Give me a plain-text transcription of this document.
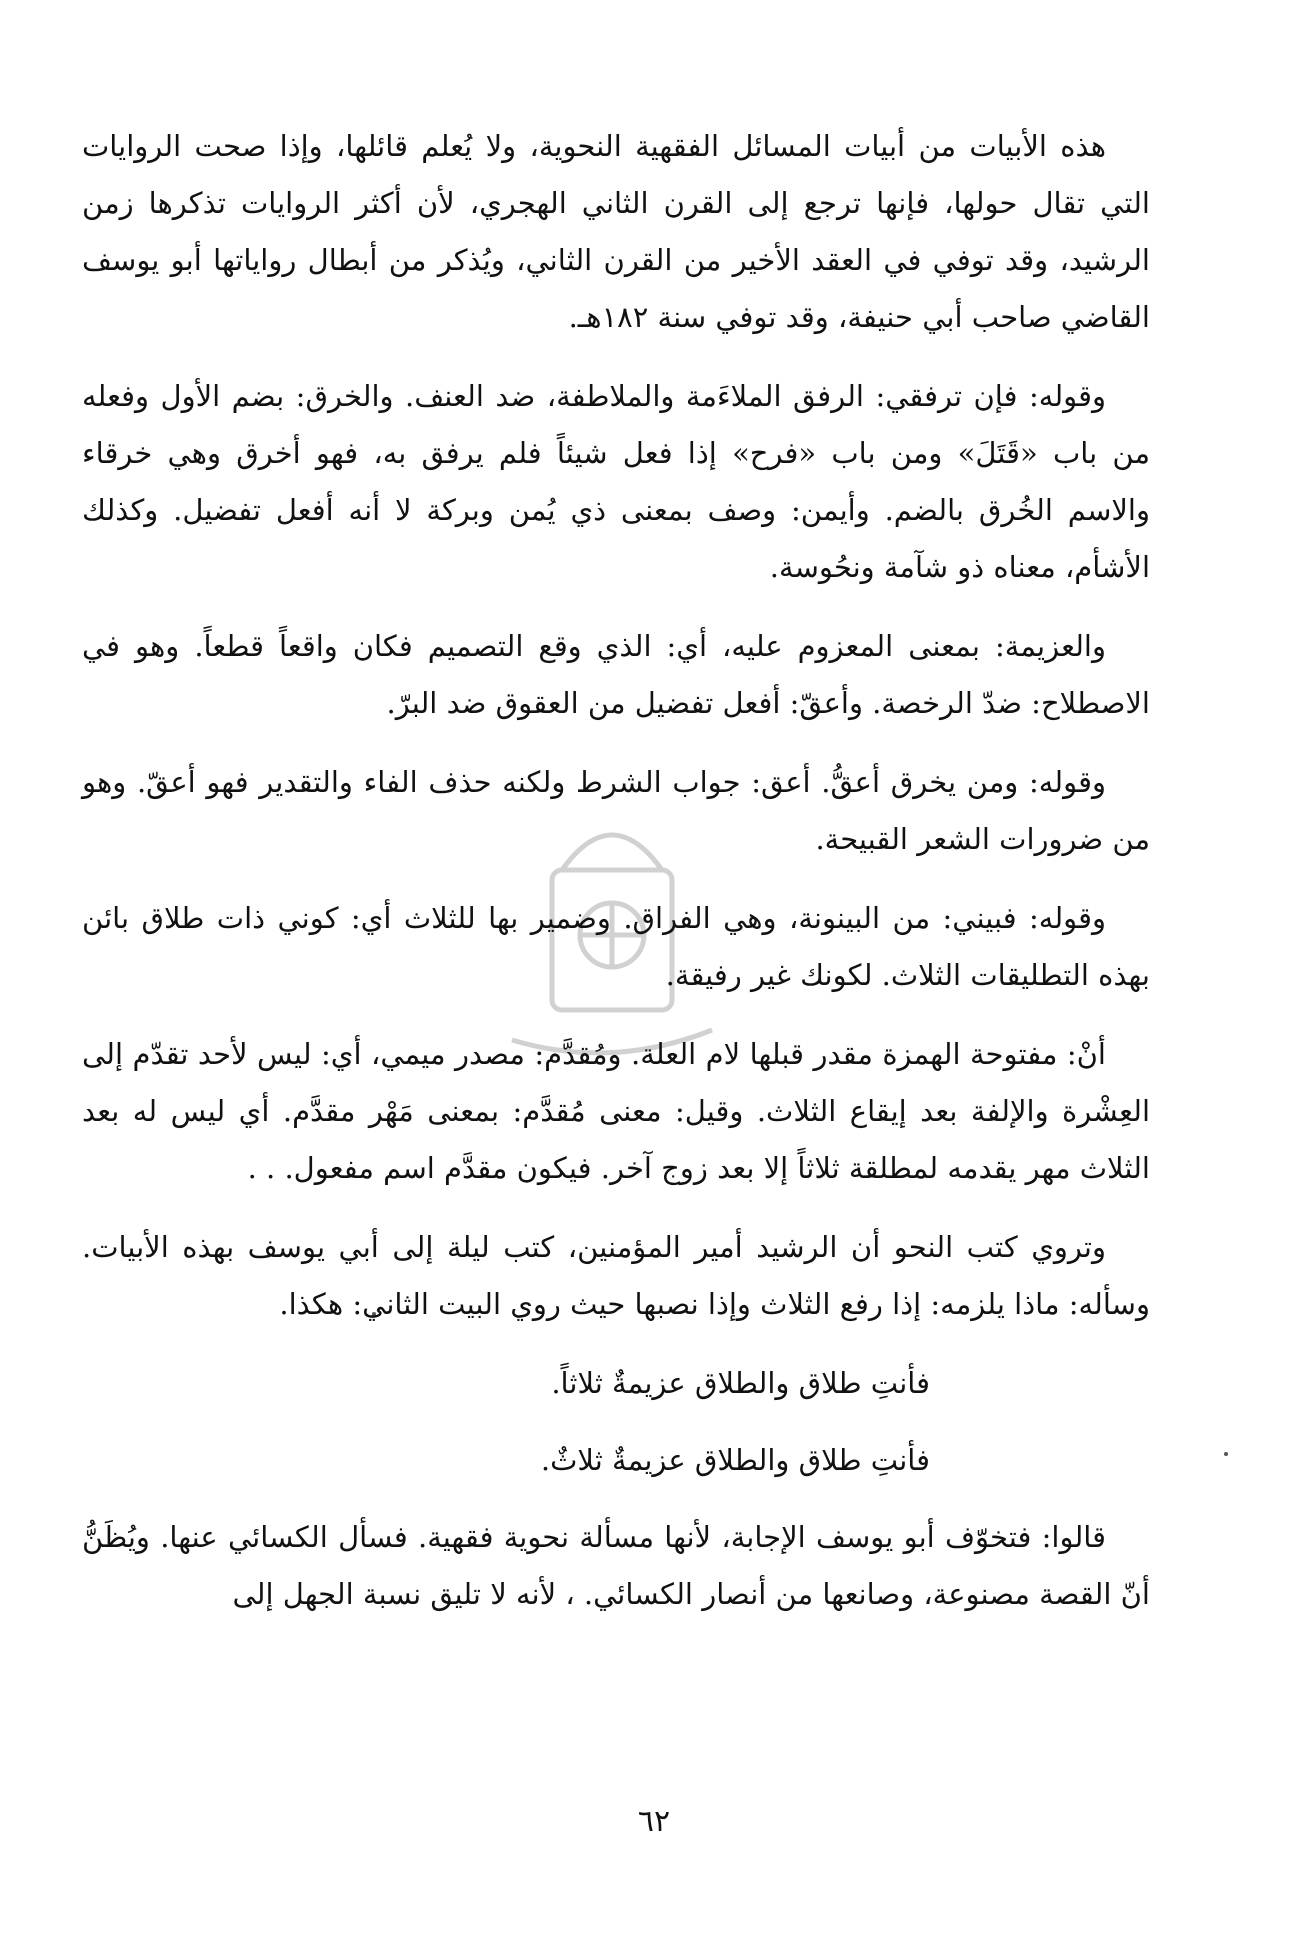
هذه الأبيات من أبيات المسائل الفقهية النحوية، ولا يُعلم قائلها، وإذا صحت الروايات التي تقال حولها، فإنها ترجع إلى القرن الثاني الهجري، لأن أكثر الروايات تذكرها زمن الرشيد، وقد توفي في العقد الأخير من القرن الثاني، ويُذكر من أبطال رواياتها أبو يوسف القاضي صاحب أبي حنيفة، وقد توفي سنة ١٨٢هـ.

وقوله: فإن ترفقي: الرفق الملاءَمة والملاطفة، ضد العنف. والخرق: بضم الأول وفعله من باب «قَتَلَ» ومن باب «فرح» إذا فعل شيئاً فلم يرفق به، فهو أخرق وهي خرقاء والاسم الخُرق بالضم. وأيمن: وصف بمعنى ذي يُمن وبركة لا أنه أفعل تفضيل. وكذلك الأشأم، معناه ذو شآمة ونحُوسة.

والعزيمة: بمعنى المعزوم عليه، أي: الذي وقع التصميم فكان واقعاً قطعاً. وهو في الاصطلاح: ضدّ الرخصة. وأعقّ: أفعل تفضيل من العقوق ضد البرّ.

وقوله: ومن يخرق أعقُّ. أعق: جواب الشرط ولكنه حذف الفاء والتقدير فهو أعقّ. وهو من ضرورات الشعر القبيحة.

وقوله: فبيني: من البينونة، وهي الفراق. وضمير بها للثلاث أي: كوني ذات طلاق بائن بهذه التطليقات الثلاث. لكونك غير رفيقة.

أنْ: مفتوحة الهمزة مقدر قبلها لام العلة. ومُقدَّم: مصدر ميمي، أي: ليس لأحد تقدّم إلى العِشْرة والإلفة بعد إيقاع الثلاث. وقيل: معنى مُقدَّم: بمعنى مَهْر مقدَّم. أي ليس له بعد الثلاث مهر يقدمه لمطلقة ثلاثاً إلا بعد زوج آخر. فيكون مقدَّم اسم مفعول. . .

وتروي كتب النحو أن الرشيد أمير المؤمنين، كتب ليلة إلى أبي يوسف بهذه الأبيات. وسأله: ماذا يلزمه: إذا رفع الثلاث وإذا نصبها حيث روي البيت الثاني: هكذا.

فأنتِ طلاق والطلاق عزيمةٌ ثلاثاً.

فأنتِ طلاق والطلاق عزيمةٌ ثلاثٌ.

قالوا: فتخوّف أبو يوسف الإجابة، لأنها مسألة نحوية فقهية. فسأل الكسائي عنها. ويُظَنُّ أنّ القصة مصنوعة، وصانعها من أنصار الكسائي. ، لأنه لا تليق نسبة الجهل إلى

٦٢
